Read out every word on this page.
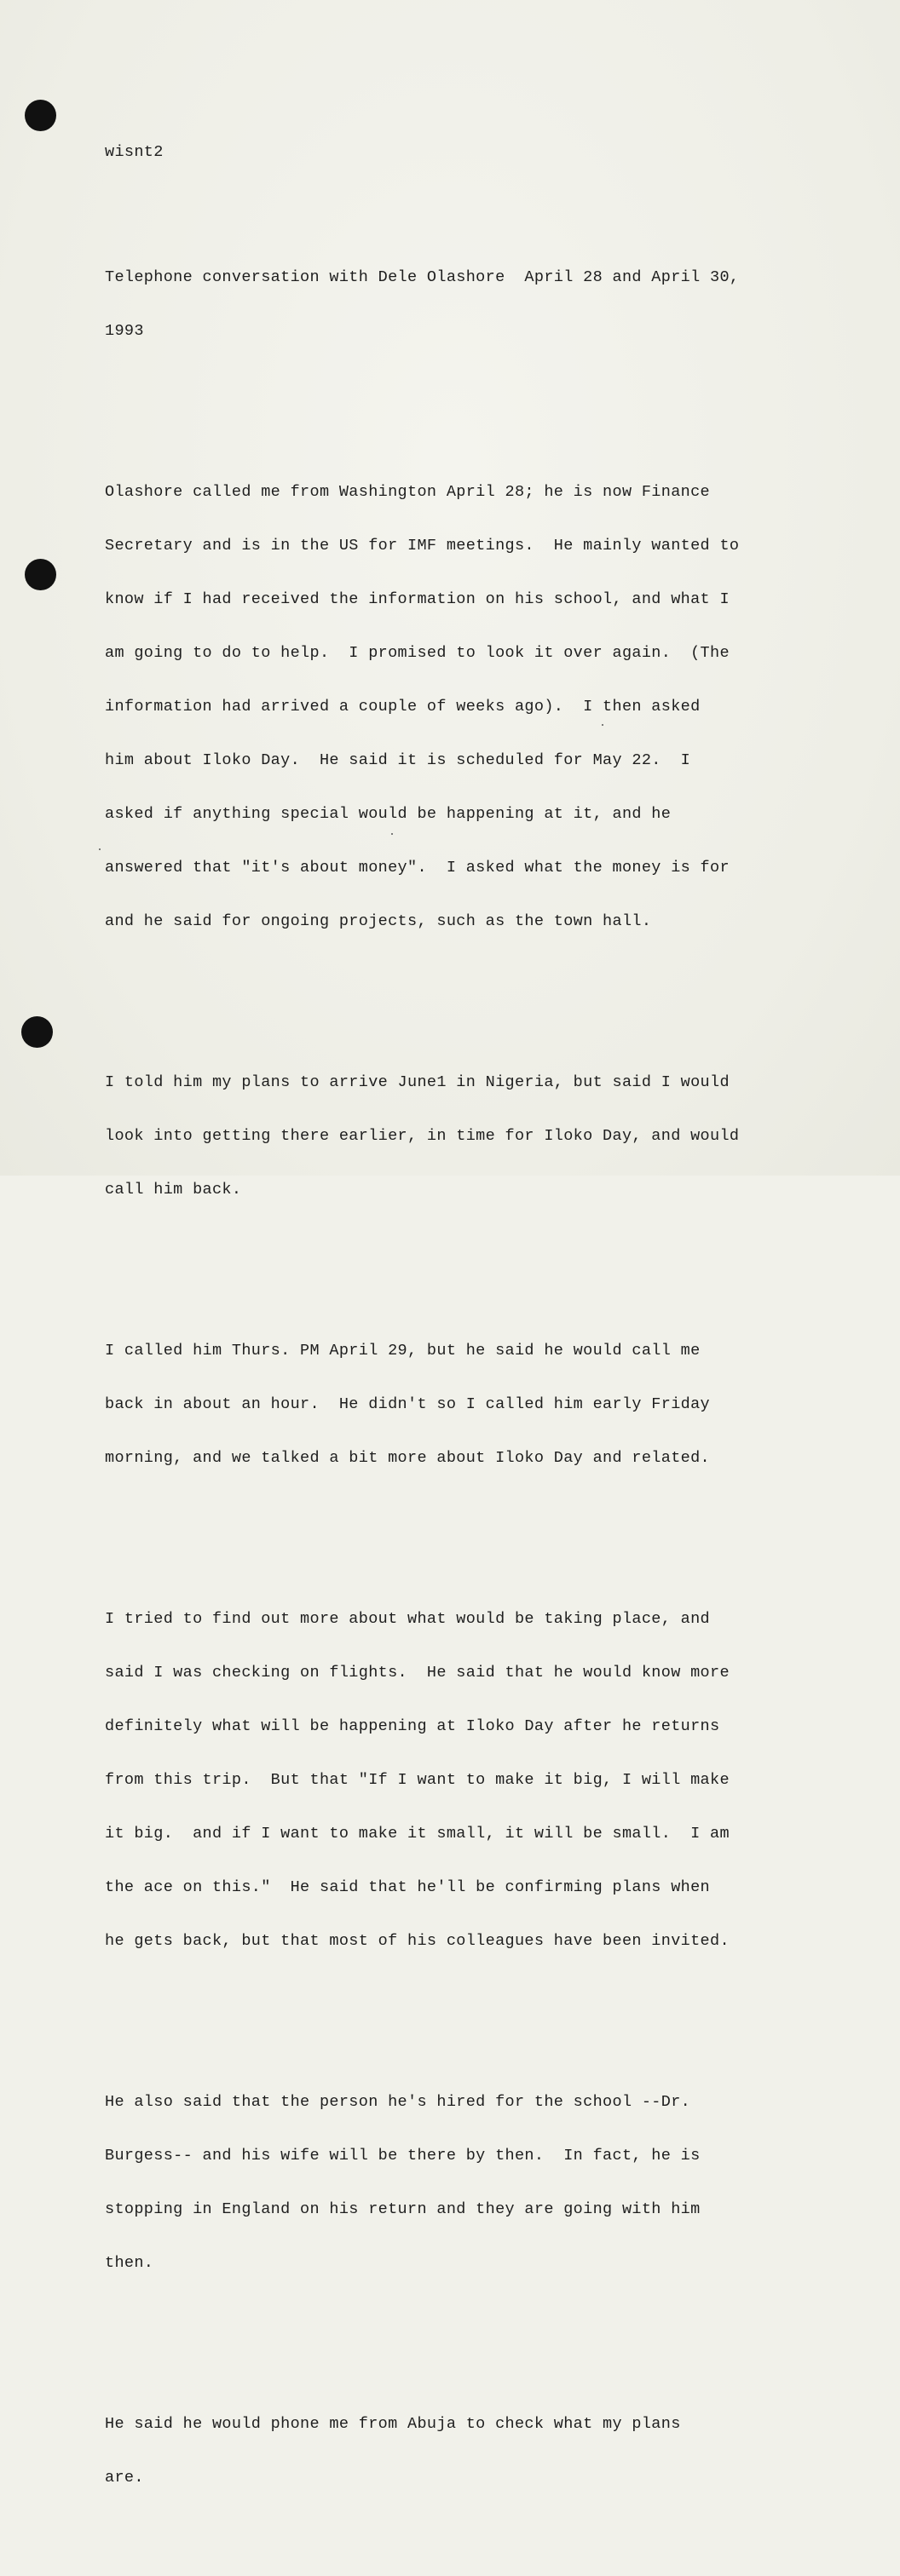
wisnt2

Telephone conversation with Dele Olashore  April 28 and April 30,

1993

Olashore called me from Washington April 28; he is now Finance

Secretary and is in the US for IMF meetings.  He mainly wanted to

know if I had received the information on his school, and what I

am going to do to help.  I promised to look it over again.  (The

information had arrived a couple of weeks ago).  I then asked

him about Iloko Day.  He said it is scheduled for May 22.  I

asked if anything special would be happening at it, and he

answered that "it's about money".  I asked what the money is for

and he said for ongoing projects, such as the town hall.

I told him my plans to arrive June1 in Nigeria, but said I would

look into getting there earlier, in time for Iloko Day, and would

call him back.

I called him Thurs. PM April 29, but he said he would call me

back in about an hour.  He didn't so I called him early Friday

morning, and we talked a bit more about Iloko Day and related.

I tried to find out more about what would be taking place, and

said I was checking on flights.  He said that he would know more

definitely what will be happening at Iloko Day after he returns

from this trip.  But that "If I want to make it big, I will make

it big.  and if I want to make it small, it will be small.  I am

the ace on this."  He said that he'll be confirming plans when

he gets back, but that most of his colleagues have been invited.

He also said that the person he's hired for the school --Dr.

Burgess-- and his wife will be there by then.  In fact, he is

stopping in England on his return and they are going with him

then.

He said he would phone me from Abuja to check what my plans

are.
